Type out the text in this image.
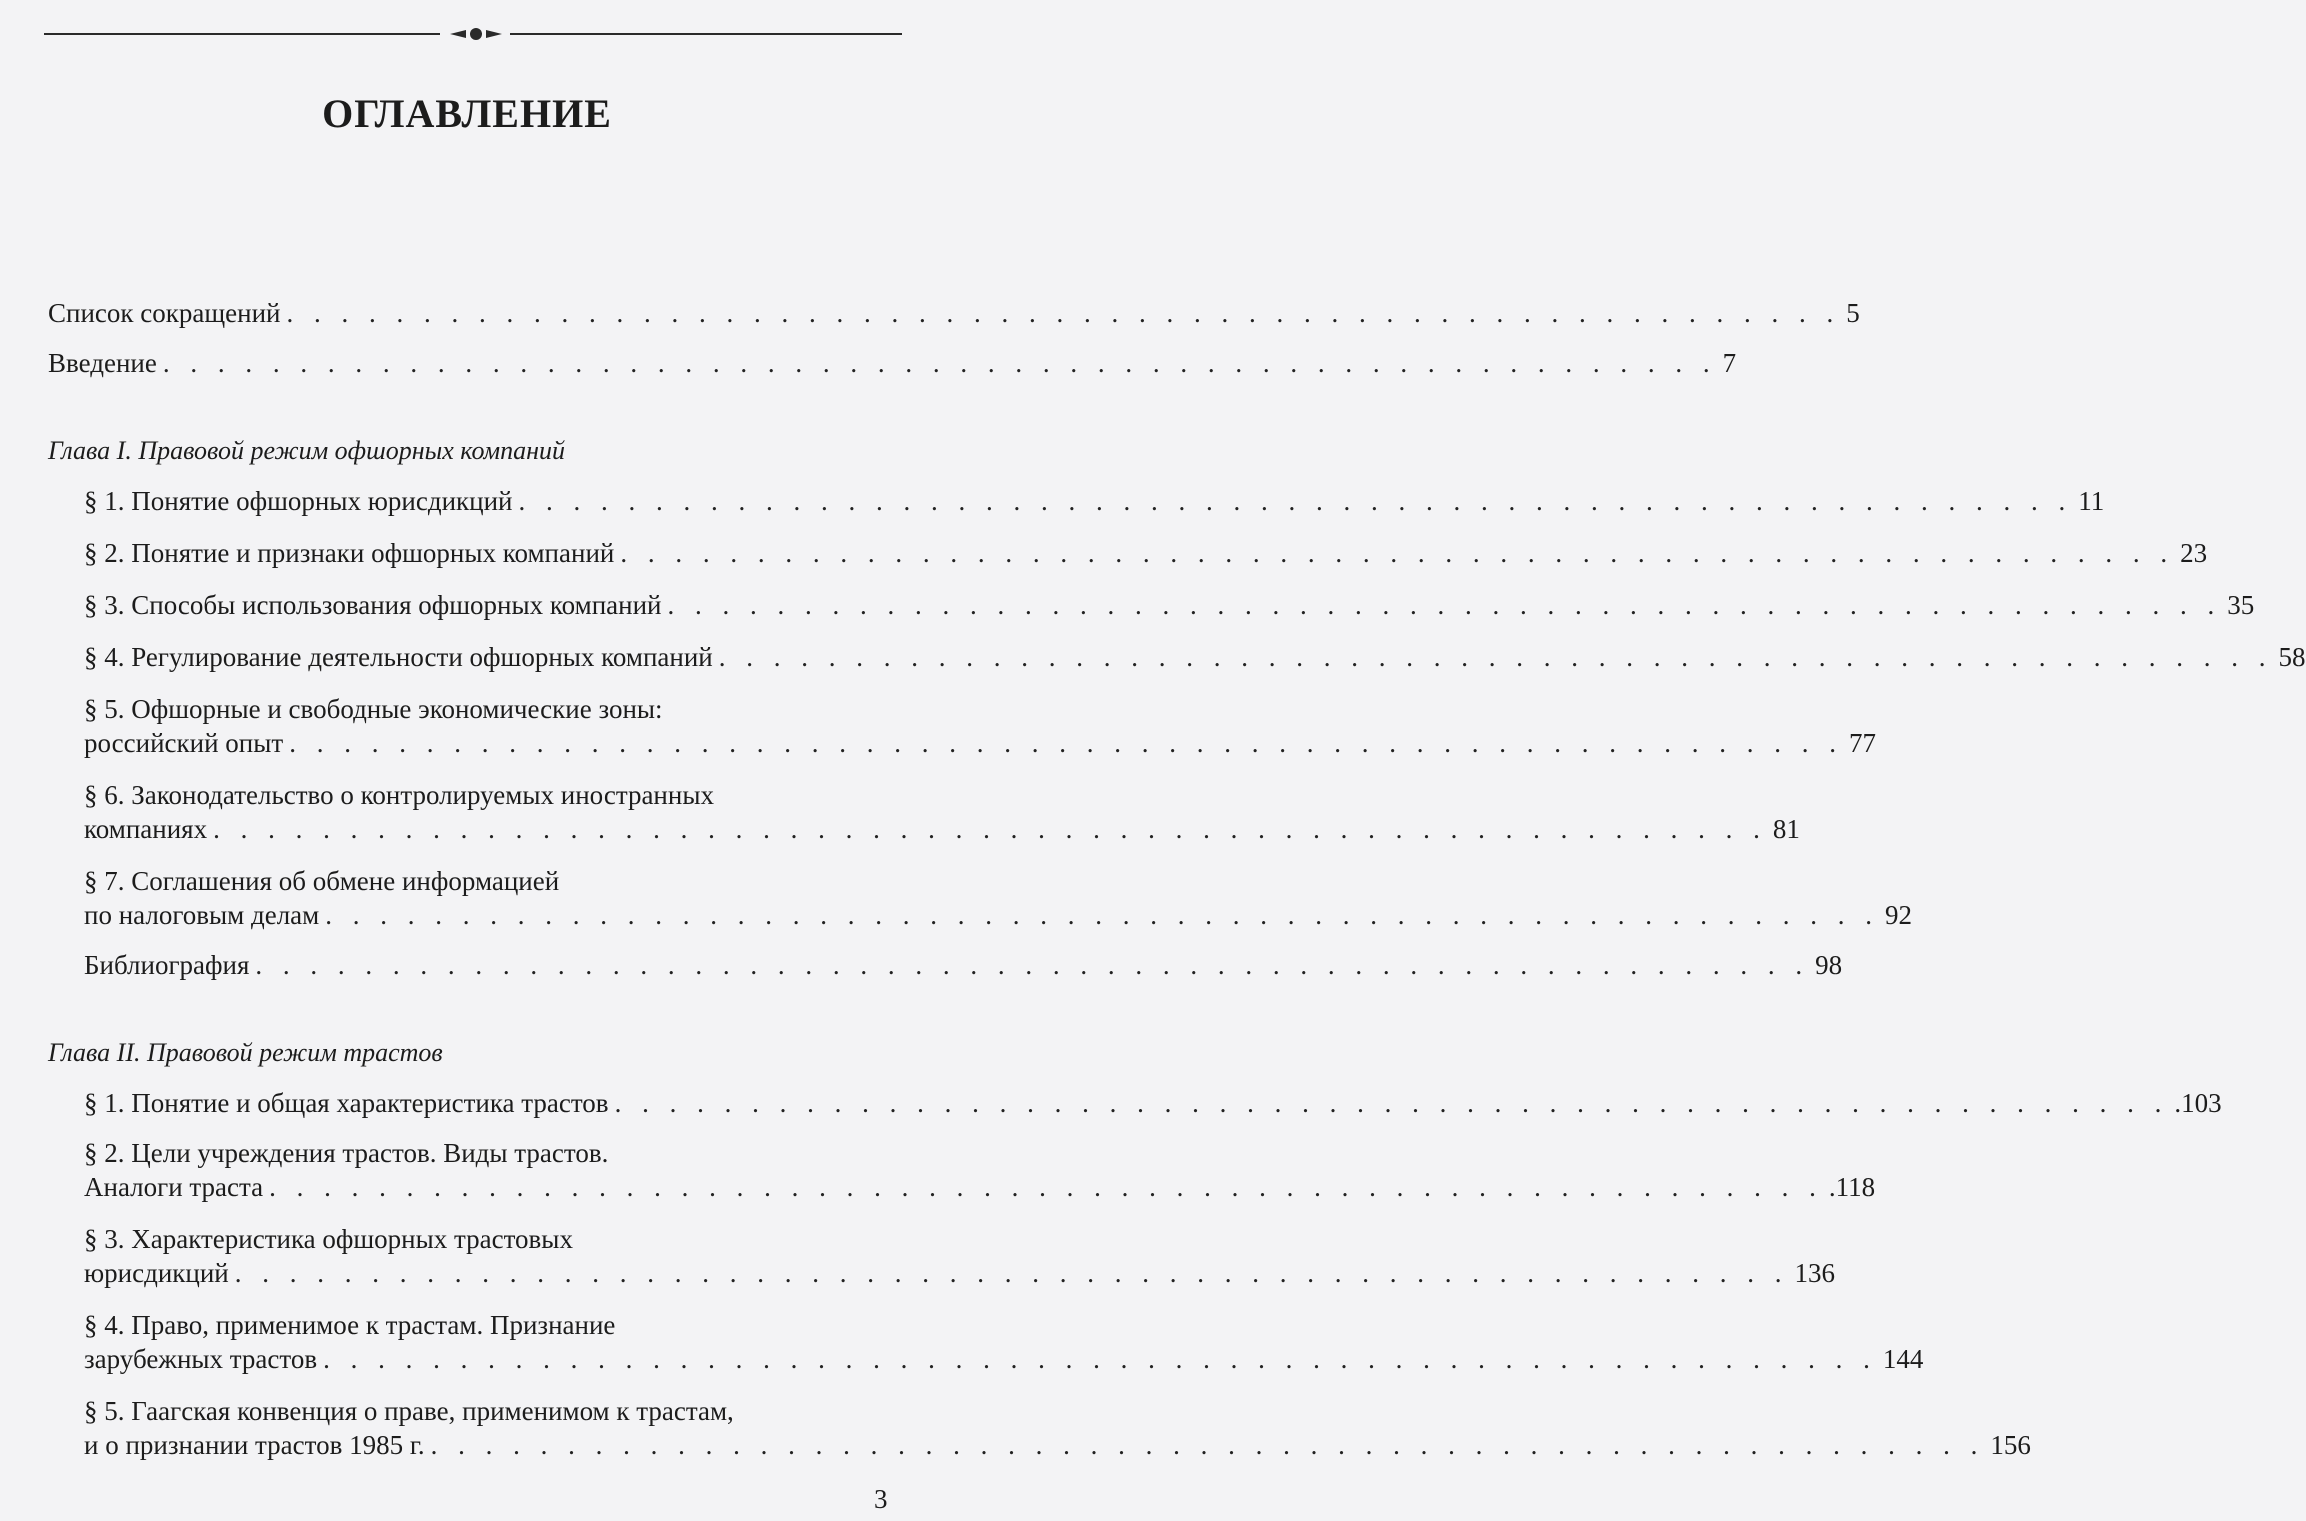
ОГЛАВЛЕНИЕ
Список сокращений . . . . . . . . . . . . . . . . . . . . . . . . . . . . . . . . . . . . . . . . . . . . . . . . . . . . . . . . . 5
Введение . . . . . . . . . . . . . . . . . . . . . . . . . . . . . . . . . . . . . . . . . . . . . . . . . . . . . . . . . 7
Глава I. Правовой режим офшорных компаний
§ 1. Понятие офшорных юрисдикций . . . . . . . . . . . . . . . . . . . . . . . . . . . . . . . . . . . . . . . . . . . . . . . . . . . . . . . . . 11
§ 2. Понятие и признаки офшорных компаний . . . . . . . . . . . . . . . . . . . . . . . . . . . . . . . . . . . . . . . . . . . . . . . . . . . . . . . . . 23
§ 3. Способы использования офшорных компаний . . . . . . . . . . . . . . . . . . . . . . . . . . . . . . . . . . . . . . . . . . . . . . . . . . . . . . . . . 35
§ 4. Регулирование деятельности офшорных компаний . . . . . . . . . . . . . . . . . . . . . . . . . . . . . . . . . . . . . . . . . . . . . . . . . . . . . . . . . 58
§ 5. Офшорные и свободные экономические зоны:
российский опыт . . . . . . . . . . . . . . . . . . . . . . . . . . . . . . . . . . . . . . . . . . . . . . . . . . . . . . . . . 77
§ 6. Законодательство о контролируемых иностранных
компаниях . . . . . . . . . . . . . . . . . . . . . . . . . . . . . . . . . . . . . . . . . . . . . . . . . . . . . . . . . 81
§ 7. Соглашения об обмене информацией
по налоговым делам . . . . . . . . . . . . . . . . . . . . . . . . . . . . . . . . . . . . . . . . . . . . . . . . . . . . . . . . . 92
Библиография . . . . . . . . . . . . . . . . . . . . . . . . . . . . . . . . . . . . . . . . . . . . . . . . . . . . . . . . . 98
Глава II. Правовой режим трастов
§ 1. Понятие и общая характеристика трастов . . . . . . . . . . . . . . . . . . . . . . . . . . . . . . . . . . . . . . . . . . . . . . . . . . . . . . . . . .103
§ 2. Цели учреждения трастов. Виды трастов.
Аналоги траста . . . . . . . . . . . . . . . . . . . . . . . . . . . . . . . . . . . . . . . . . . . . . . . . . . . . . . . . . .118
§ 3. Характеристика офшорных трастовых
юрисдикций . . . . . . . . . . . . . . . . . . . . . . . . . . . . . . . . . . . . . . . . . . . . . . . . . . . . . . . . . 136
§ 4. Право, применимое к трастам. Признание
зарубежных трастов . . . . . . . . . . . . . . . . . . . . . . . . . . . . . . . . . . . . . . . . . . . . . . . . . . . . . . . . . 144
§ 5. Гаагская конвенция о праве, применимом к трастам,
и о признании трастов 1985 г. . . . . . . . . . . . . . . . . . . . . . . . . . . . . . . . . . . . . . . . . . . . . . . . . . . . . . . . . . 156
3
